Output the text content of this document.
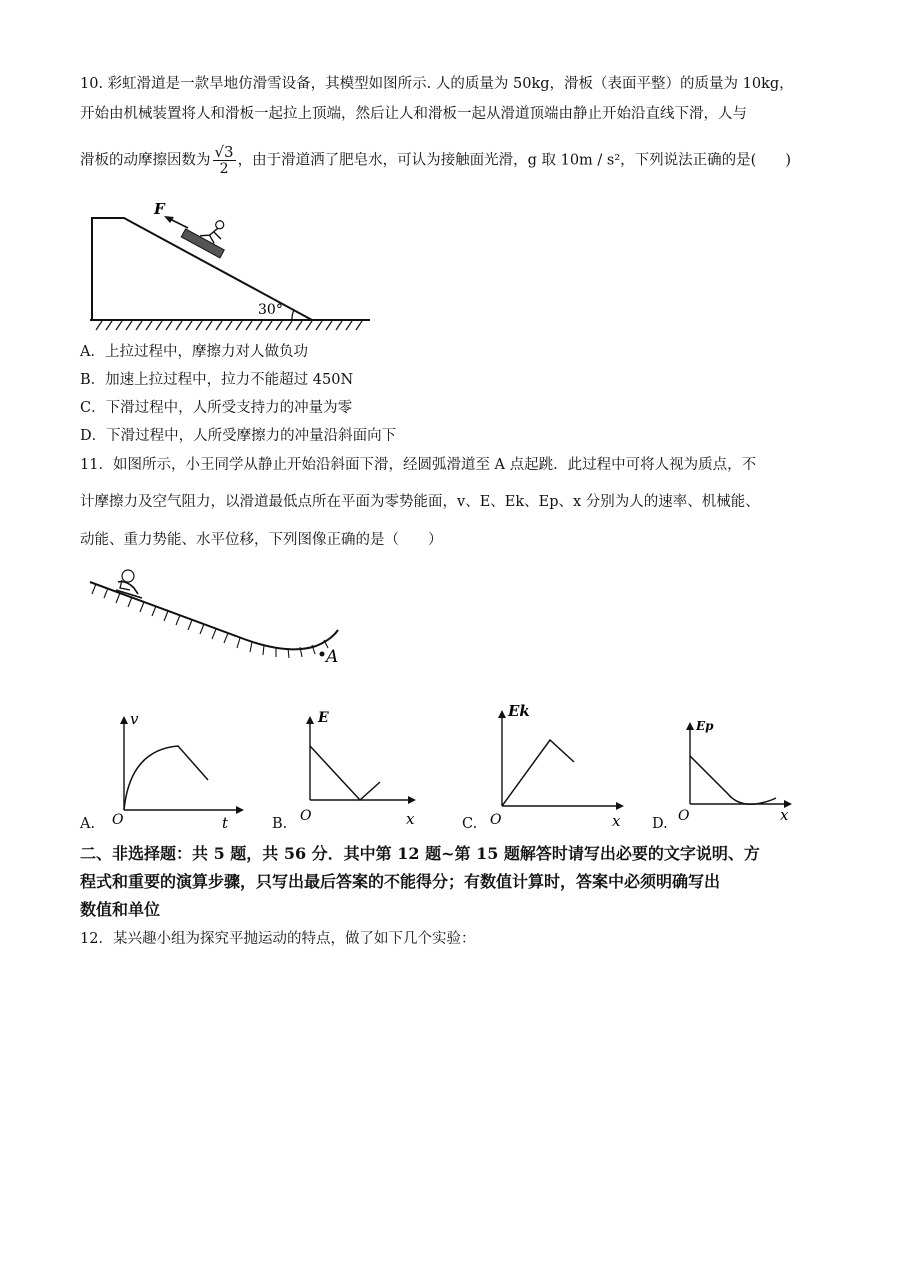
10. 彩虹滑道是一款旱地仿滑雪设备，其模型如图所示. 人的质量为 50kg，滑板（表面平整）的质量为 10kg，
开始由机械装置将人和滑板一起拉上顶端，然后让人和滑板一起从滑道顶端由静止开始沿直线下滑，人与
滑板的动摩擦因数为 $\frac{√3}{2}$ ，由于滑道洒了肥皂水，可认为接触面光滑，g 取 10m / s²，下列说法正确的是(　　)
30°
F
A．上拉过程中，摩擦力对人做负功
B．加速上拉过程中，拉力不能超过 450N
C．下滑过程中，人所受支持力的冲量为零
D．下滑过程中，人所受摩擦力的冲量沿斜面向下
11．如图所示，小王同学从静止开始沿斜面下滑，经圆弧滑道至 A 点起跳．此过程中可将人视为质点，不
计摩擦力及空气阻力，以滑道最低点所在平面为零势能面，v、E、Ek、Ep、x 分别为人的速率、机械能、
动能、重力势能、水平位移，下列图像正确的是（　　）
A
A.
v
t
O	B.
E
x
O	C.
Ek
x
O	D.
Ep
x
O
二、非选择题：共 5 题，共 56 分．其中第 12 题~第 15 题解答时请写出必要的文字说明、方
程式和重要的演算步骤，只写出最后答案的不能得分；有数值计算时，答案中必须明确写出
数值和单位
12．某兴趣小组为探究平抛运动的特点，做了如下几个实验：
